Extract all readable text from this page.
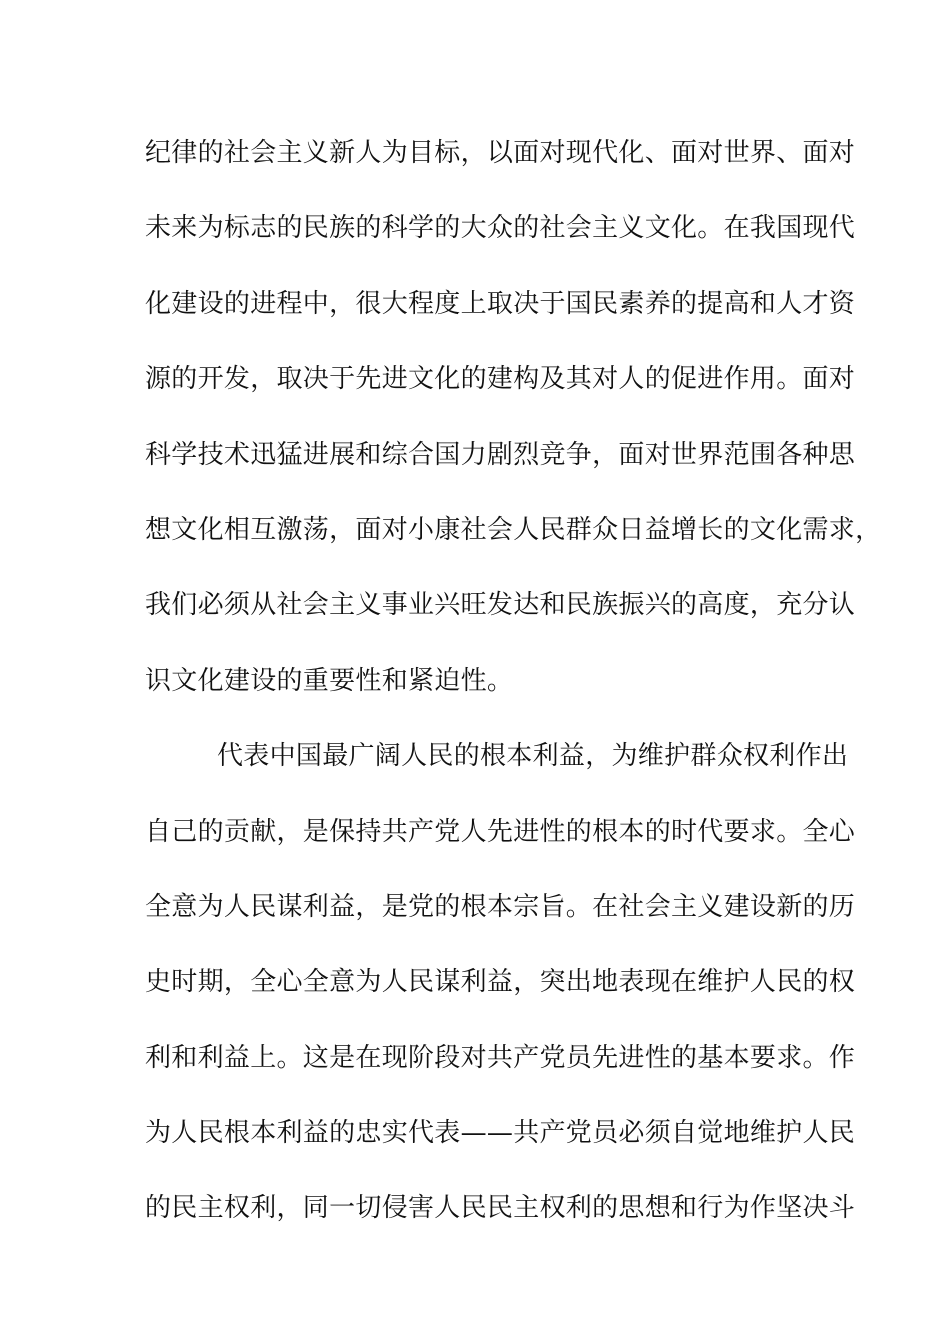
纪律的社会主义新人为目标，以面对现代化、面对世界、面对
未来为标志的民族的科学的大众的社会主义文化。在我国现代
化建设的进程中，很大程度上取决于国民素养的提高和人才资
源的开发，取决于先进文化的建构及其对人的促进作用。面对
科学技术迅猛进展和综合国力剧烈竞争，面对世界范围各种思
想文化相互激荡，面对小康社会人民群众日益增长的文化需求，
我们必须从社会主义事业兴旺发达和民族振兴的高度，充分认
识文化建设的重要性和紧迫性。
代表中国最广阔人民的根本利益，为维护群众权利作出
自己的贡献，是保持共产党人先进性的根本的时代要求。全心
全意为人民谋利益，是党的根本宗旨。在社会主义建设新的历
史时期，全心全意为人民谋利益，突出地表现在维护人民的权
利和利益上。这是在现阶段对共产党员先进性的基本要求。作
为人民根本利益的忠实代表——共产党员必须自觉地维护人民
的民主权利，同一切侵害人民民主权利的思想和行为作坚决斗
